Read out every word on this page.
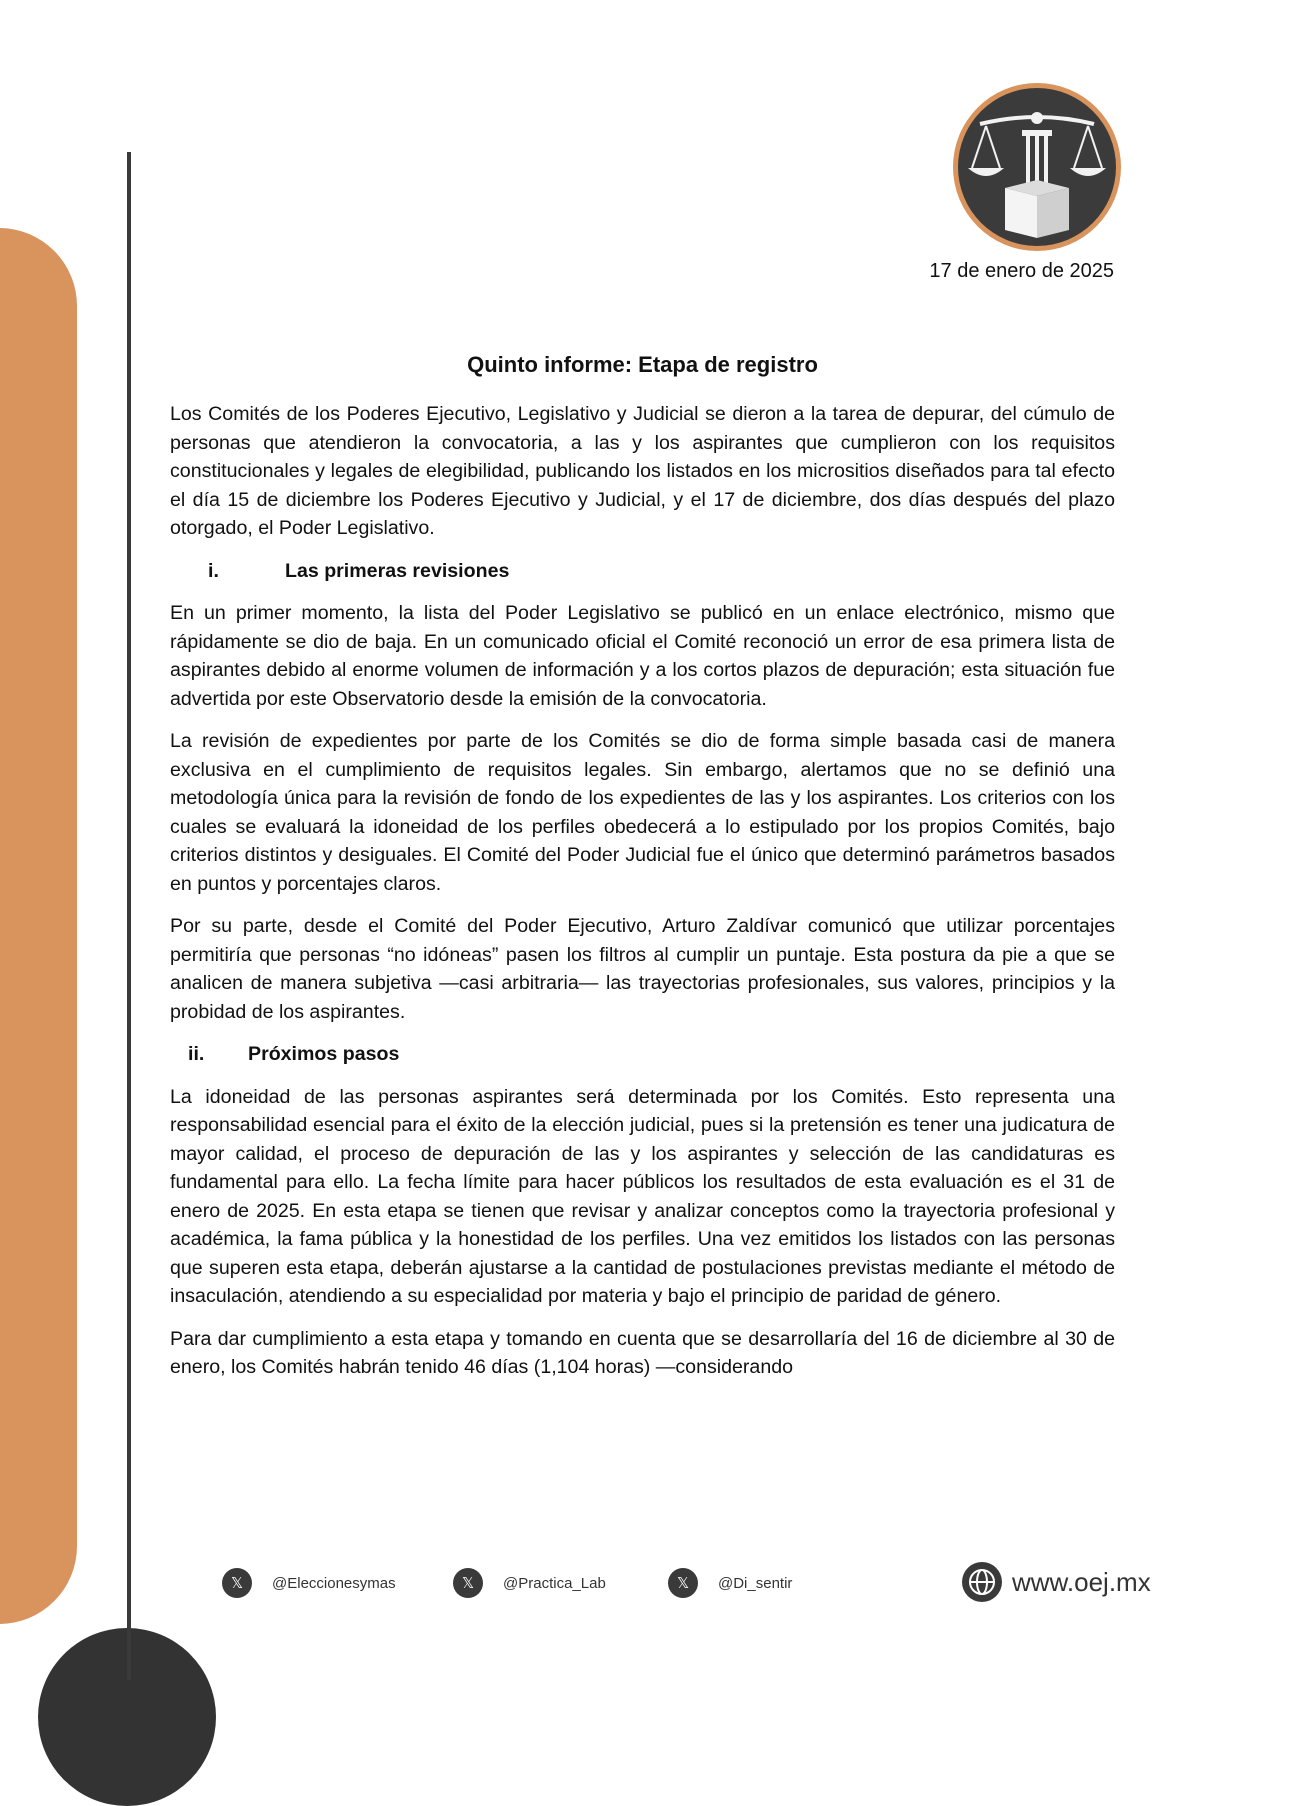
17 de enero de 2025
Quinto informe: Etapa de registro

Los Comités de los Poderes Ejecutivo, Legislativo y Judicial se dieron a la tarea de depurar, del cúmulo de personas que atendieron la convocatoria, a las y los aspirantes que cumplieron con los requisitos constitucionales y legales de elegibilidad, publicando los listados en los micrositios diseñados para tal efecto el día 15 de diciembre los Poderes Ejecutivo y Judicial, y el 17 de diciembre, dos días después del plazo otorgado, el Poder Legislativo.

i.	Las primeras revisiones

En un primer momento, la lista del Poder Legislativo se publicó en un enlace electrónico, mismo que rápidamente se dio de baja. En un comunicado oficial el Comité reconoció un error de esa primera lista de aspirantes debido al enorme volumen de información y a los cortos plazos de depuración; esta situación fue advertida por este Observatorio desde la emisión de la convocatoria.

La revisión de expedientes por parte de los Comités se dio de forma simple basada casi de manera exclusiva en el cumplimiento de requisitos legales. Sin embargo, alertamos que no se definió una metodología única para la revisión de fondo de los expedientes de las y los aspirantes. Los criterios con los cuales se evaluará la idoneidad de los perfiles obedecerá a lo estipulado por los propios Comités, bajo criterios distintos y desiguales. El Comité del Poder Judicial fue el único que determinó parámetros basados en puntos y porcentajes claros.

Por su parte, desde el Comité del Poder Ejecutivo, Arturo Zaldívar comunicó que utilizar porcentajes permitiría que personas “no idóneas” pasen los filtros al cumplir un puntaje. Esta postura da pie a que se analicen de manera subjetiva —casi arbitraria— las trayectorias profesionales, sus valores, principios y la probidad de los aspirantes.

ii. Próximos pasos

La idoneidad de las personas aspirantes será determinada por los Comités. Esto representa una responsabilidad esencial para el éxito de la elección judicial, pues si la pretensión es tener una judicatura de mayor calidad, el proceso de depuración de las y los aspirantes y selección de las candidaturas es fundamental para ello. La fecha límite para hacer públicos los resultados de esta evaluación es el 31 de enero de 2025. En esta etapa se tienen que revisar y analizar conceptos como la trayectoria profesional y académica, la fama pública y la honestidad de los perfiles. Una vez emitidos los listados con las personas que superen esta etapa, deberán ajustarse a la cantidad de postulaciones previstas mediante el método de insaculación, atendiendo a su especialidad por materia y bajo el principio de paridad de género.

Para dar cumplimiento a esta etapa y tomando en cuenta que se desarrollaría del 16 de diciembre al 30 de enero, los Comités habrán tenido 46 días (1,104 horas) —considerando

𝕏	@Eleccionesymas	𝕏	@Practica_Lab	𝕏	@Di_sentir	www.oej.mx
